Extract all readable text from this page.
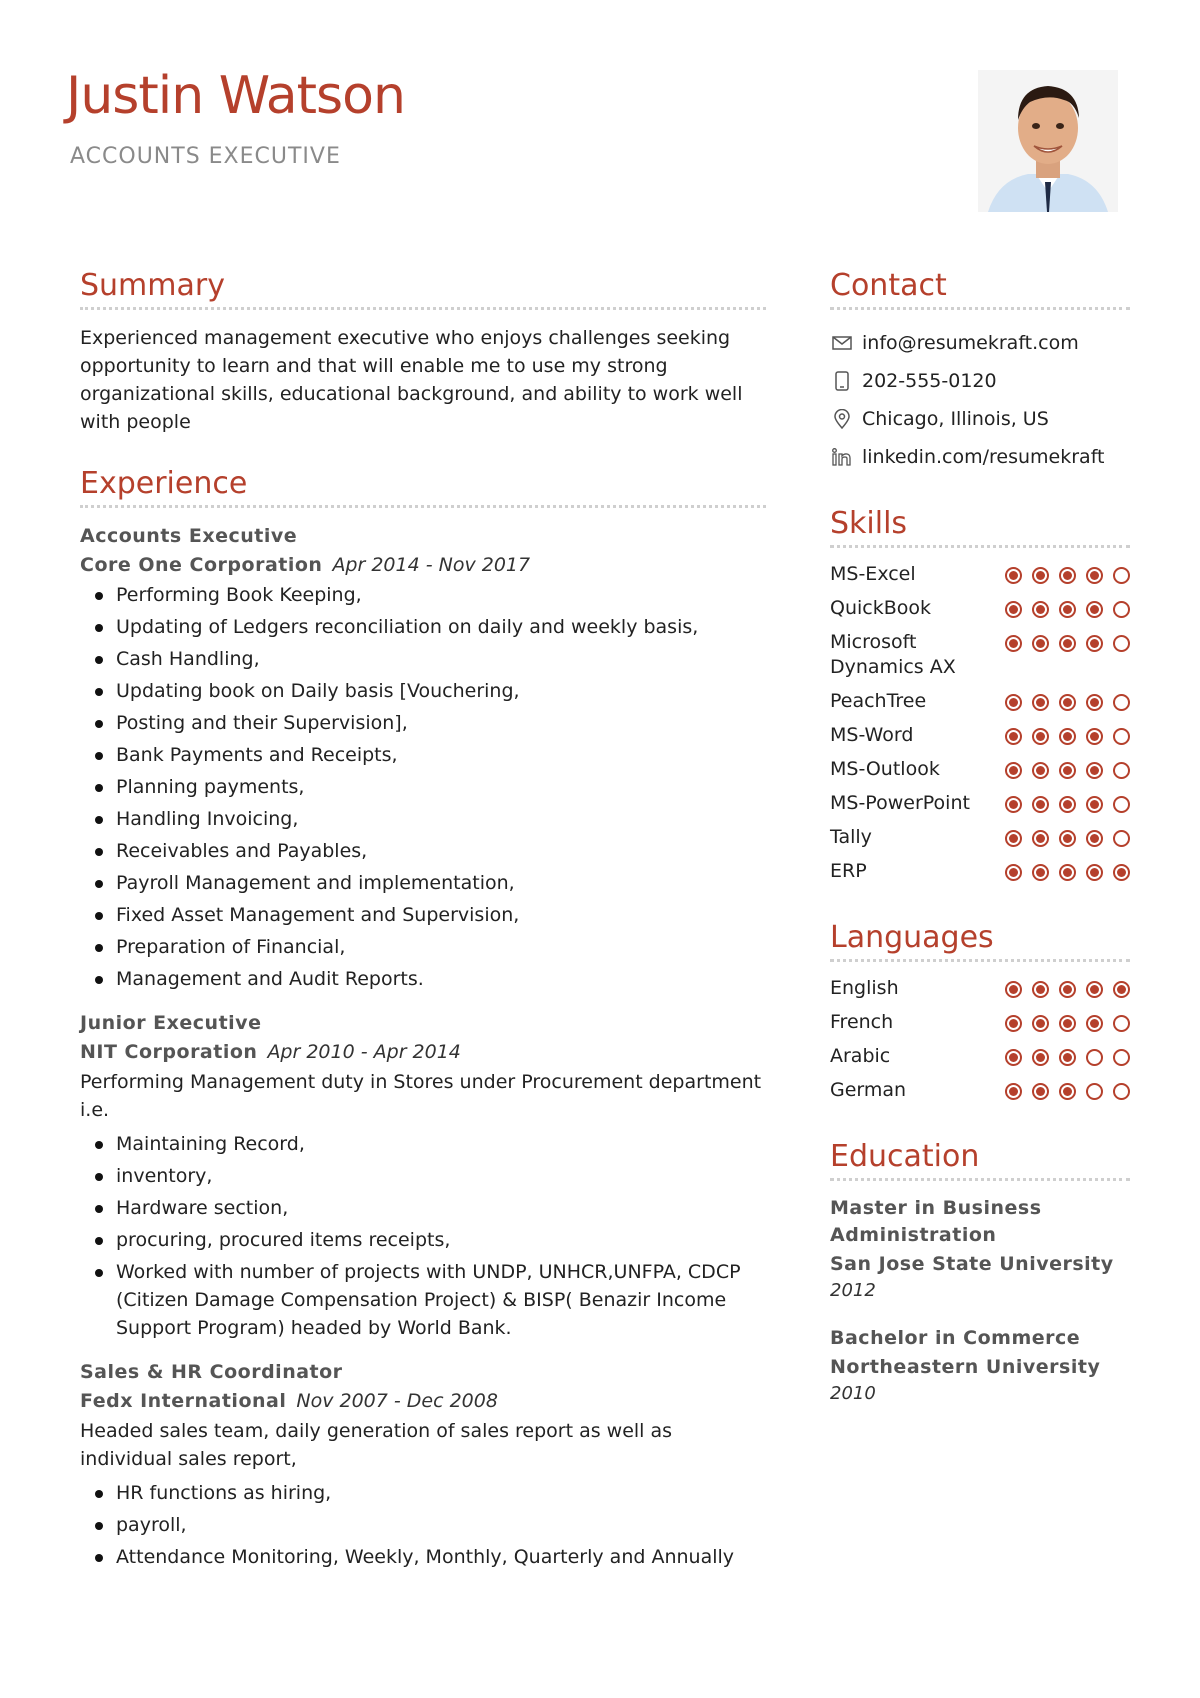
Justin Watson
ACCOUNTS EXECUTIVE
Summary

Experienced management executive who enjoys challenges seeking opportunity to learn and that will enable me to use my strong organizational skills, educational background, and ability to work well with people

Experience
Accounts Executive
Core One Corporation Apr 2014 - Nov 2017
Performing Book Keeping,
Updating of Ledgers reconciliation on daily and weekly basis,
Cash Handling,
Updating book on Daily basis [Vouchering,
Posting and their Supervision],
Bank Payments and Receipts,
Planning payments,
Handling Invoicing,
Receivables and Payables,
Payroll Management and implementation,
Fixed Asset Management and Supervision,
Preparation of Financial,
Management and Audit Reports.
Junior Executive
NIT Corporation Apr 2010 - Apr 2014

Performing Management duty in Stores under Procurement department i.e.

Maintaining Record,
inventory,
Hardware section,
procuring, procured items receipts,
Worked with number of projects with UNDP, UNHCR,UNFPA, CDCP (Citizen Damage Compensation Project) & BISP( Benazir Income Support Program) headed by World Bank.
Sales & HR Coordinator
Fedx International Nov 2007 - Dec 2008

Headed sales team, daily generation of sales report as well as individual sales report,

HR functions as hiring,
payroll,
Attendance Monitoring, Weekly, Monthly, Quarterly and Annually
Contact
info@resumekraft.com
202-555-0120
Chicago, Illinois, US
linkedin.com/resumekraft
Skills
MS-Excel
QuickBook
Microsoft Dynamics AX
PeachTree
MS-Word
MS-Outlook
MS-PowerPoint
Tally
ERP
Languages
English
French
Arabic
German
Education
Master in Business Administration
San Jose State University
2012
Bachelor in Commerce
Northeastern University
2010
